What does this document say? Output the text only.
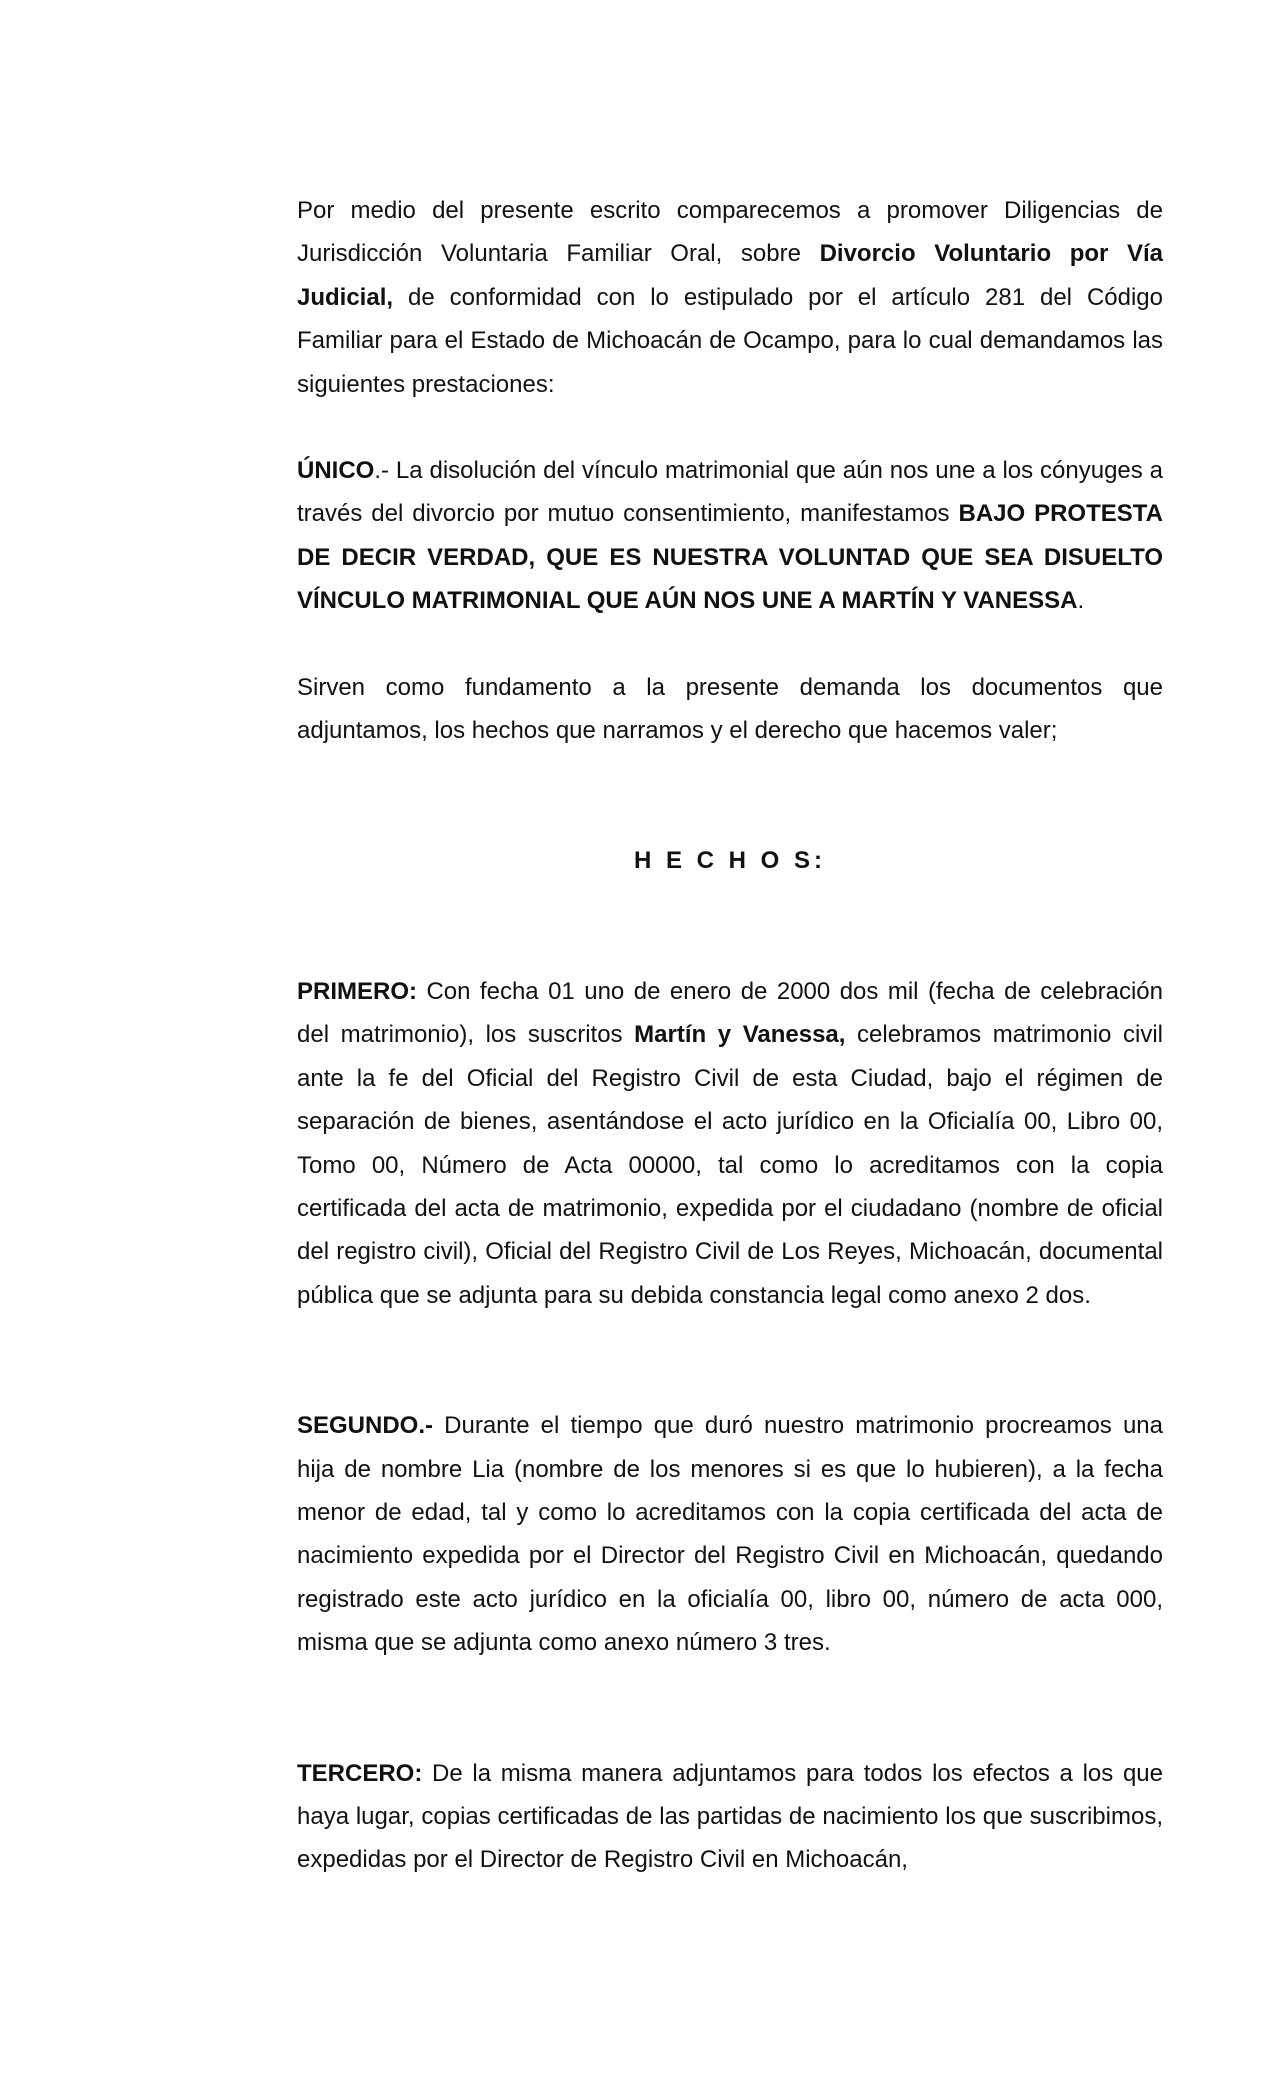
Por medio del presente escrito comparecemos a promover Diligencias de Jurisdicción Voluntaria Familiar Oral, sobre Divorcio Voluntario por Vía Judicial, de conformidad con lo estipulado por el artículo 281 del Código Familiar para el Estado de Michoacán de Ocampo, para lo cual demandamos las siguientes prestaciones:

ÚNICO.- La disolución del vínculo matrimonial que aún nos une a los cónyuges a través del divorcio por mutuo consentimiento, manifestamos BAJO PROTESTA DE DECIR VERDAD, QUE ES NUESTRA VOLUNTAD QUE SEA DISUELTO VÍNCULO MATRIMONIAL QUE AÚN NOS UNE A MARTÍN Y VANESSA.

Sirven como fundamento a la presente demanda los documentos que adjuntamos, los hechos que narramos y el derecho que hacemos valer;

H E C H O S:

PRIMERO: Con fecha 01 uno de enero de 2000 dos mil (fecha de celebración del matrimonio), los suscritos Martín y Vanessa, celebramos matrimonio civil ante la fe del Oficial del Registro Civil de esta Ciudad, bajo el régimen de separación de bienes, asentándose el acto jurídico en la Oficialía 00, Libro 00, Tomo 00, Número de Acta 00000, tal como lo acreditamos con la copia certificada del acta de matrimonio, expedida por el ciudadano (nombre de oficial del registro civil), Oficial del Registro Civil de Los Reyes, Michoacán, documental pública que se adjunta para su debida constancia legal como anexo 2 dos.

SEGUNDO.- Durante el tiempo que duró nuestro matrimonio procreamos una hija de nombre Lia (nombre de los menores si es que lo hubieren), a la fecha menor de edad, tal y como lo acreditamos con la copia certificada del acta de nacimiento expedida por el Director del Registro Civil en Michoacán, quedando registrado este acto jurídico en la oficialía 00, libro 00, número de acta 000, misma que se adjunta como anexo número 3 tres.

TERCERO: De la misma manera adjuntamos para todos los efectos a los que haya lugar, copias certificadas de las partidas de nacimiento los que suscribimos, expedidas por el Director de Registro Civil en Michoacán,
